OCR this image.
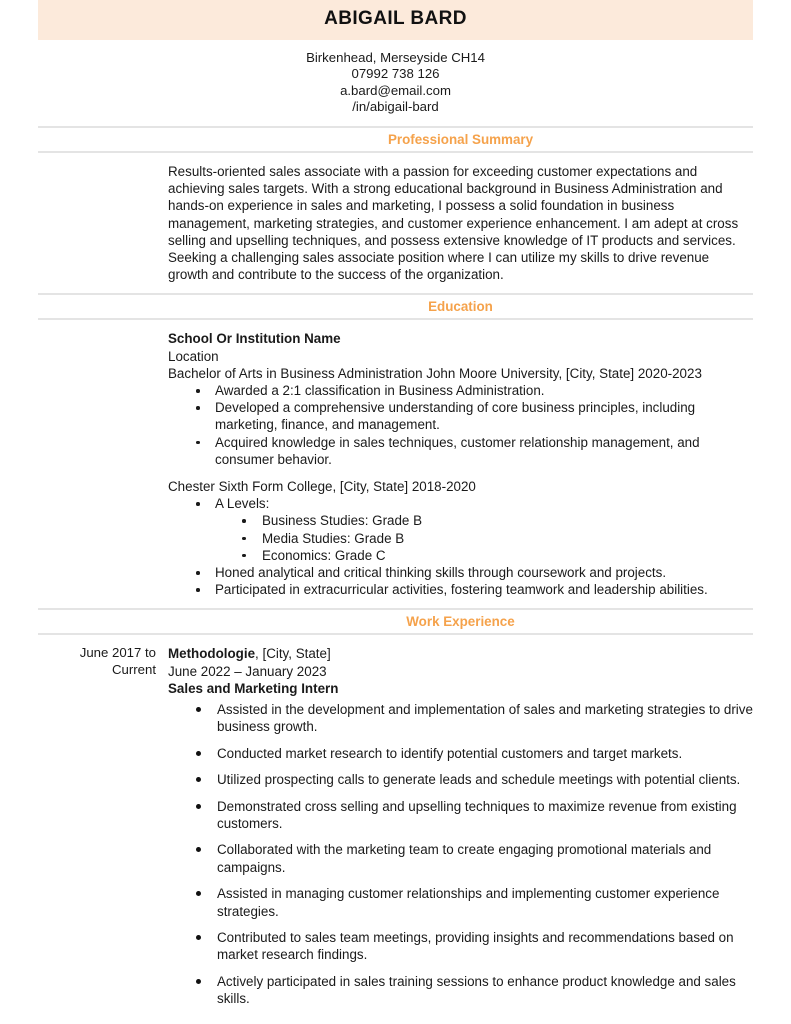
ABIGAIL BARD
Birkenhead, Merseyside CH14
07992 738 126
a.bard@email.com
/in/abigail-bard
Professional Summary
Results-oriented sales associate with a passion for exceeding customer expectations and achieving sales targets. With a strong educational background in Business Administration and hands-on experience in sales and marketing, I possess a solid foundation in business management, marketing strategies, and customer experience enhancement. I am adept at cross selling and upselling techniques, and possess extensive knowledge of IT products and services. Seeking a challenging sales associate position where I can utilize my skills to drive revenue growth and contribute to the success of the organization.
Education
School Or Institution Name
Location
Bachelor of Arts in Business Administration John Moore University, [City, State] 2020-2023
Awarded a 2:1 classification in Business Administration.
Developed a comprehensive understanding of core business principles, including marketing, finance, and management.
Acquired knowledge in sales techniques, customer relationship management, and consumer behavior.
Chester Sixth Form College, [City, State] 2018-2020
A Levels:
Business Studies: Grade B
Media Studies: Grade B
Economics: Grade C
Honed analytical and critical thinking skills through coursework and projects.
Participated in extracurricular activities, fostering teamwork and leadership abilities.
Work Experience
June 2017 to Current
Methodologie, [City, State]
June 2022 – January 2023
Sales and Marketing Intern
Assisted in the development and implementation of sales and marketing strategies to drive business growth.
Conducted market research to identify potential customers and target markets.
Utilized prospecting calls to generate leads and schedule meetings with potential clients.
Demonstrated cross selling and upselling techniques to maximize revenue from existing customers.
Collaborated with the marketing team to create engaging promotional materials and campaigns.
Assisted in managing customer relationships and implementing customer experience strategies.
Contributed to sales team meetings, providing insights and recommendations based on market research findings.
Actively participated in sales training sessions to enhance product knowledge and sales skills.
